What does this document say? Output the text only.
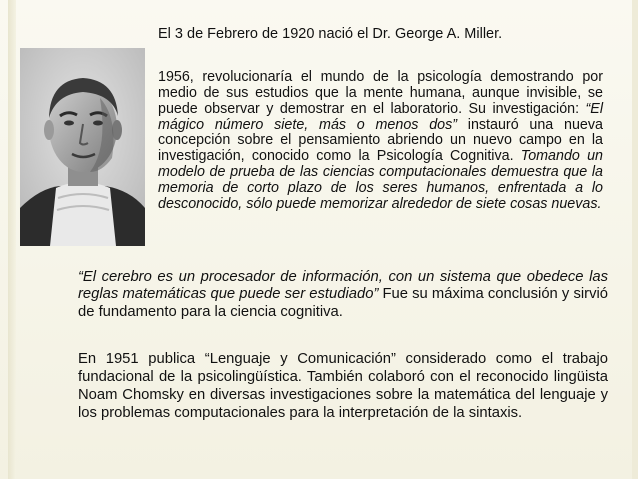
El 3 de Febrero de 1920 nació el Dr. George A. Miller.

1956, revolucionaría el mundo de la psicología demostrando por medio de sus estudios que la mente humana, aunque invisible, se puede observar y demostrar en el laboratorio. Su investigación: “El mágico número siete, más o menos dos” instauró una nueva concepción sobre el pensamiento abriendo un nuevo campo en la investigación, conocido como la Psicología Cognitiva. Tomando un modelo de prueba de las ciencias computacionales demuestra que la memoria de corto plazo de los seres humanos, enfrentada a lo desconocido, sólo puede memorizar alrededor de siete cosas nuevas.

“El cerebro es un procesador de información, con un sistema que obedece las reglas matemáticas que puede ser estudiado” Fue su máxima conclusión y sirvió de fundamento para la ciencia cognitiva.

En 1951 publica “Lenguaje y Comunicación” considerado como el trabajo fundacional de la psicolingüística. También colaboró con el reconocido lingüista Noam Chomsky en diversas investigaciones sobre la matemática del lenguaje y los problemas computacionales para la interpretación de la sintaxis.
